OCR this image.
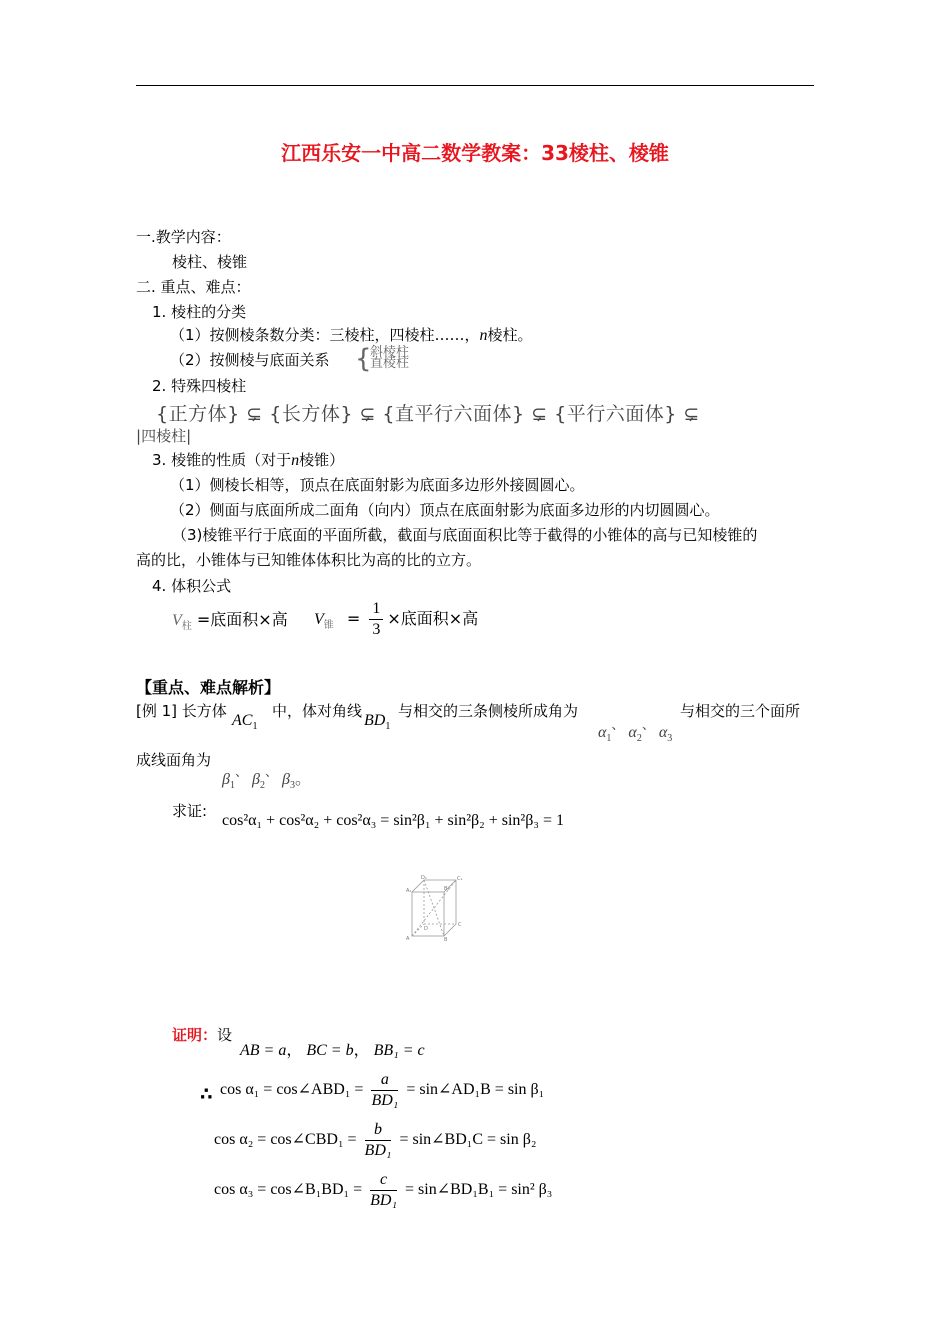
江西乐安一中高二数学教案：33棱柱、棱锥
一.教学内容：
棱柱、棱锥
二. 重点、难点：
1. 棱柱的分类
（1）按侧棱条数分类：三棱柱，四棱柱……，n棱柱。
（2）按侧棱与底面关系 {
斜棱柱
直棱柱
2. 特殊四棱柱
{正方体} ⊊ {长方体} ⊊ {直平行六面体} ⊊ {平行六面体} ⊊
|四棱柱|
3. 棱锥的性质（对于n棱锥）
（1）侧棱长相等，顶点在底面射影为底面多边形外接圆圆心。
（2）侧面与底面所成二面角（向内）顶点在底面射影为底面多边形的内切圆圆心。
（3)棱锥平行于底面的平面所截，截面与底面面积比等于截得的小锥体的高与已知棱锥的
高的比，小锥体与已知锥体体积比为高的比的立方。
4. 体积公式
$V_柱$ =底面积×高 $V_锥 = \frac{1}{3}$ ×底面积×高
【重点、难点解析】
[例 1] 长方体
$AC_1$
中，体对角线
$BD_1$
与相交的三条侧棱所成角为
$\alpha_1^、$ $\alpha_2^、$ $\alpha_3$
与相交的三个面所
成线面角为
$\beta_1^、$ $\beta_2^、$ $\beta_3$。
求证:
cos²α₁ + cos²α₂ + cos²α₃ = sin²β₁ + sin²β₂ + sin²β₃ = 1
A	B
C
D
A₁	B₁
C₁
D₁
证明：设
AB = a， BC = b， BB₁ = c
∴ cos α₁ = cos∠ABD₁ = $\frac{a}{\text{BD₁}}$ = sin∠AD₁B = sin β₁
cos α₂ = cos∠CBD₁ = $\frac{b}{\text{BD₁}}$ = sin∠BD₁C = sin β₂
cos α₃ = cos∠B₁BD₁ = $\frac{c}{\text{BD₁}}$ = sin∠BD₁B₁ = sin² β₃
